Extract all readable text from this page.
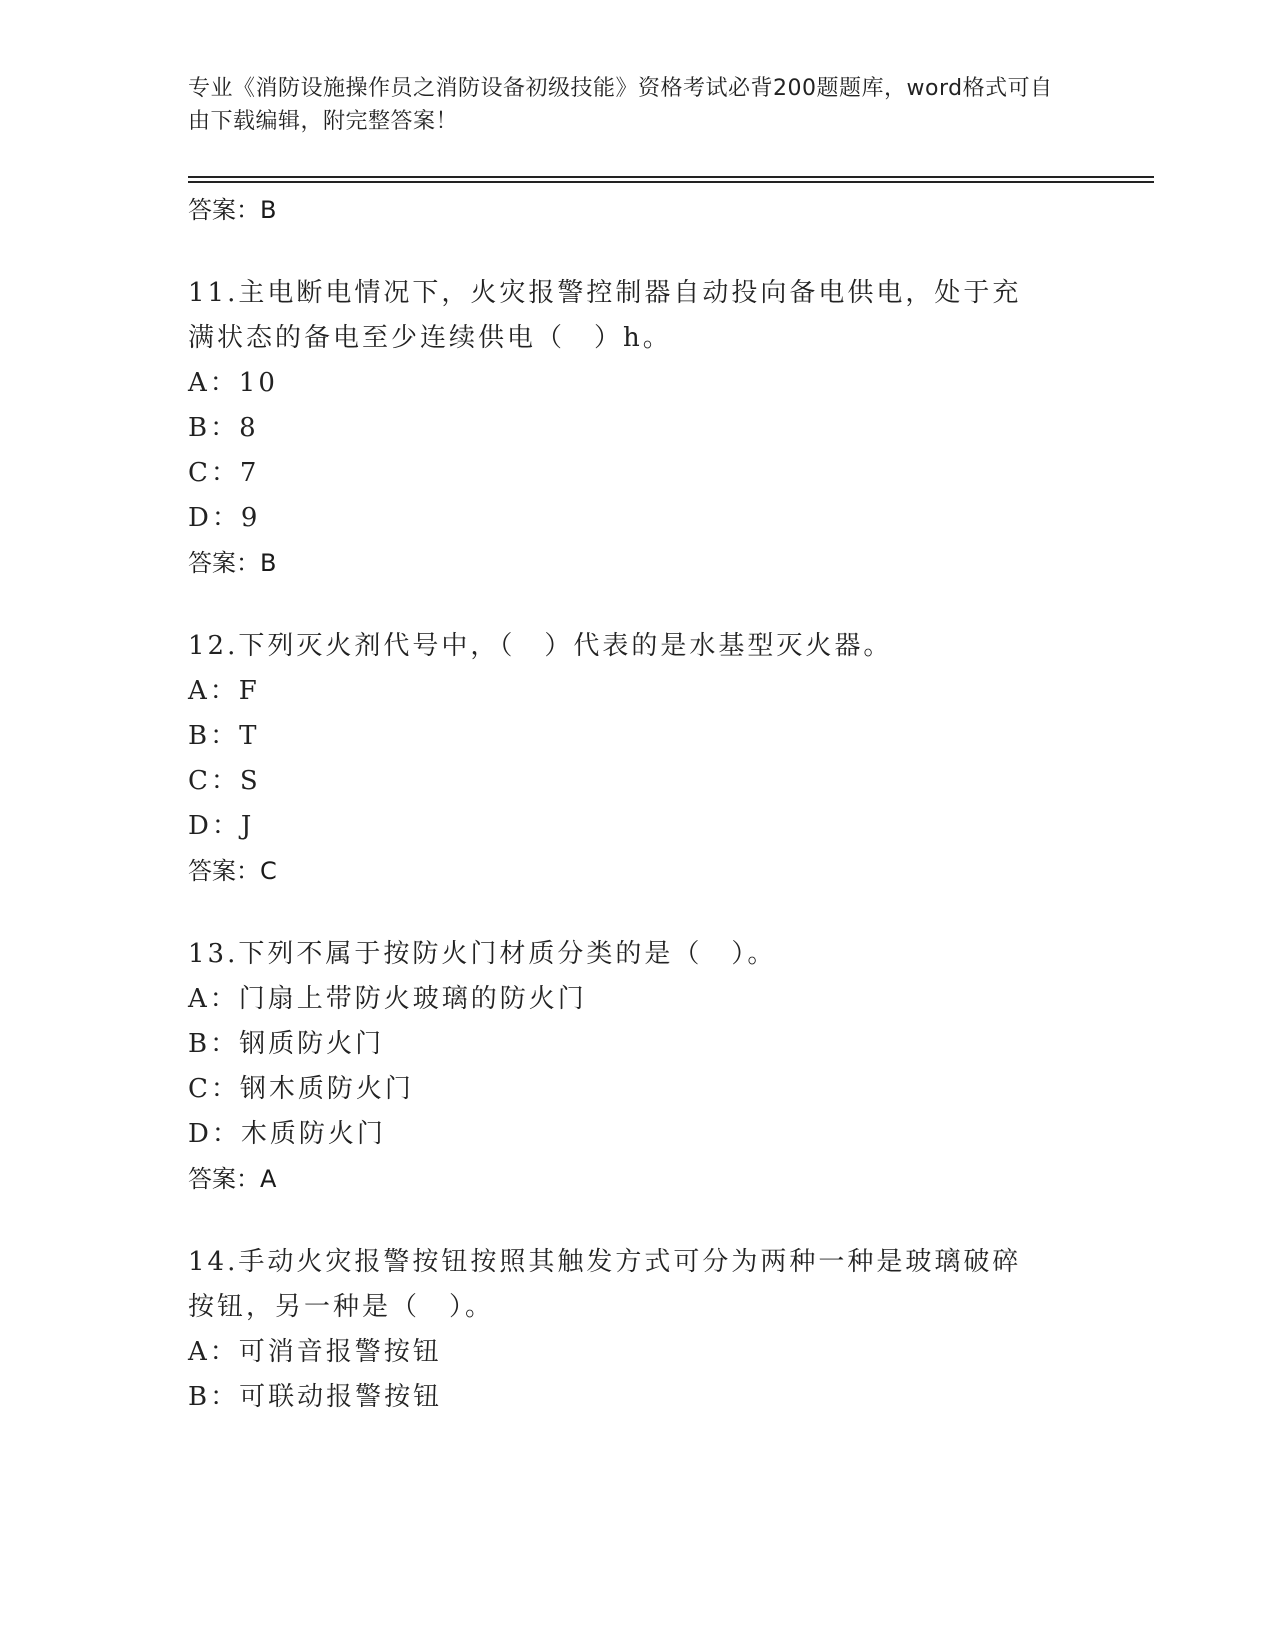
专业《消防设施操作员之消防设备初级技能》资格考试必背200题题库，word格式可自由下载编辑，附完整答案！
答案：B
11.主电断电情况下，火灾报警控制器自动投向备电供电，处于充满状态的备电至少连续供电（　）h。
A：10
B：8
C：7
D：9
答案：B
12.下列灭火剂代号中，（　）代表的是水基型灭火器。
A：F
B：T
C：S
D：J
答案：C
13.下列不属于按防火门材质分类的是（　）。
A：门扇上带防火玻璃的防火门
B：钢质防火门
C：钢木质防火门
D：木质防火门
答案：A
14.手动火灾报警按钮按照其触发方式可分为两种一种是玻璃破碎按钮，另一种是（　）。
A：可消音报警按钮
B：可联动报警按钮
